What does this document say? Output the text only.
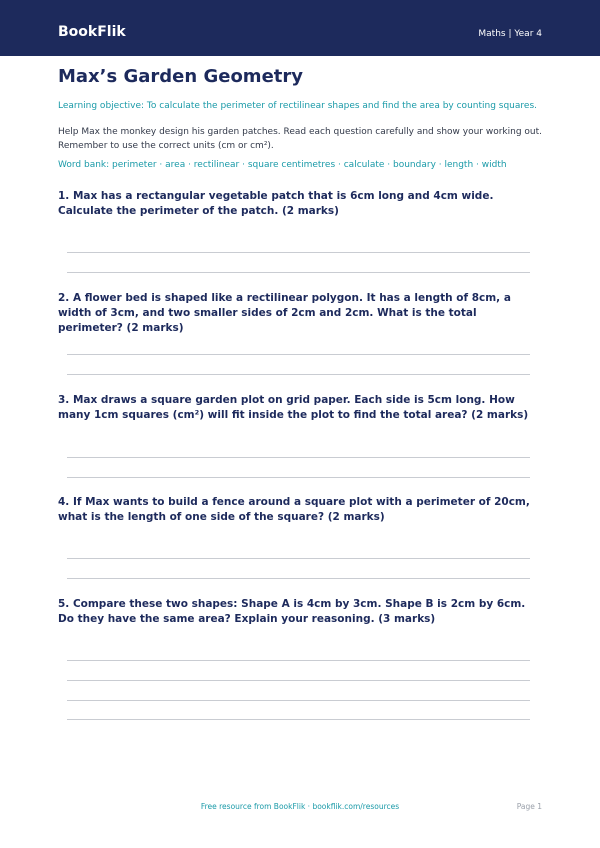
BookFlik	Maths | Year 4
Max’s Garden Geometry
Learning objective: To calculate the perimeter of rectilinear shapes and find the area by counting squares.
Help Max the monkey design his garden patches. Read each question carefully and show your working out. Remember to use the correct units (cm or cm²).
Word bank: perimeter · area · rectilinear · square centimetres · calculate · boundary · length · width
1. Max has a rectangular vegetable patch that is 6cm long and 4cm wide. Calculate the perimeter of the patch. (2 marks)
2. A flower bed is shaped like a rectilinear polygon. It has a length of 8cm, a width of 3cm, and two smaller sides of 2cm and 2cm. What is the total perimeter? (2 marks)
3. Max draws a square garden plot on grid paper. Each side is 5cm long. How many 1cm squares (cm²) will fit inside the plot to find the total area? (2 marks)
4. If Max wants to build a fence around a square plot with a perimeter of 20cm, what is the length of one side of the square? (2 marks)
5. Compare these two shapes: Shape A is 4cm by 3cm. Shape B is 2cm by 6cm. Do they have the same area? Explain your reasoning. (3 marks)
Free resource from BookFlik · bookflik.com/resources	Page 1
